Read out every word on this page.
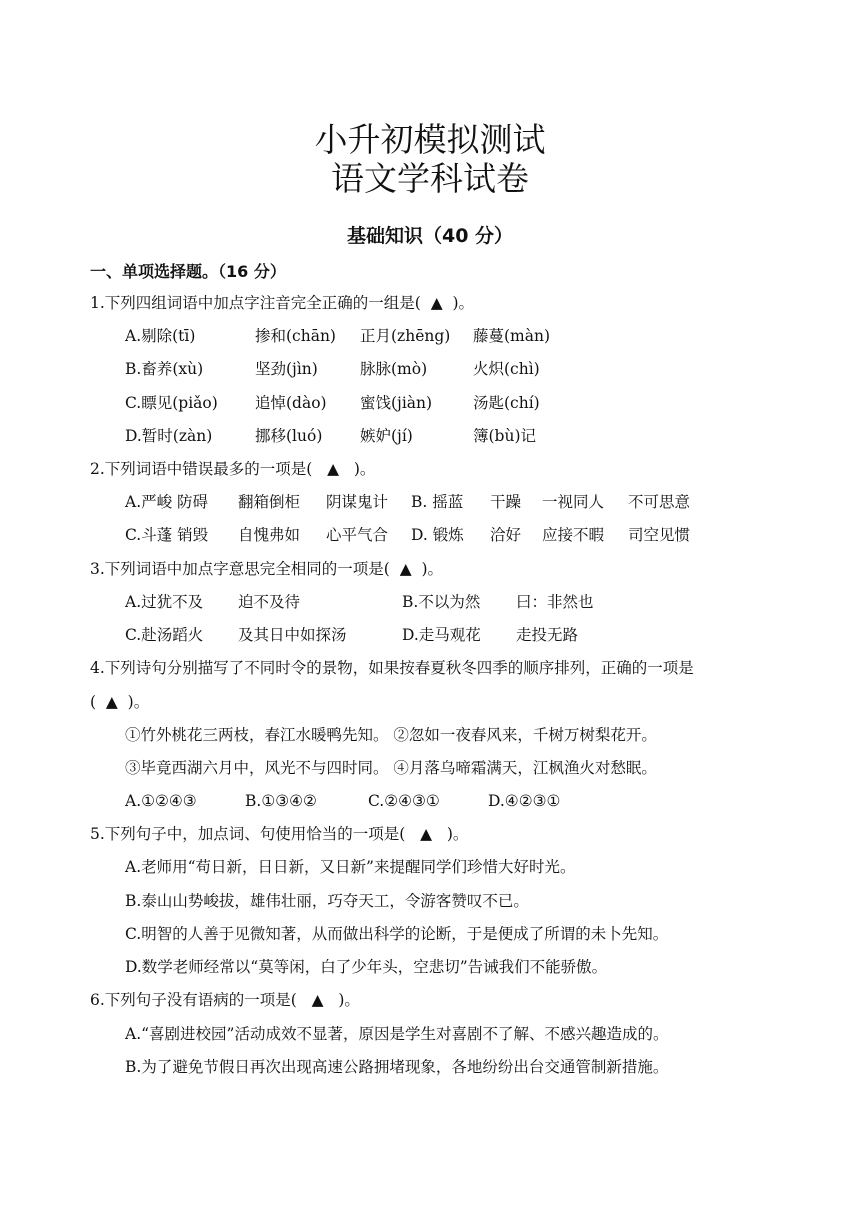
小升初模拟测试
语文学科试卷
基础知识（40 分）
一、单项选择题。（16 分）
1.下列四组词语中加点字注音完全正确的一组是(  ▲  )。
A.剔除(tī)	掺和(chān) 正月(zhēng) 藤蔓(màn)
B.畜养(xù)	坚劲(jìn)	脉脉(mò)	火炽(chì)
C.瞟见(piǎo) 追悼(dào) 蜜饯(jiàn)	汤匙(chí)
D.暂时(zàn)	挪移(luó) 嫉妒(jí)	簿(bù)记
2.下列词语中错误最多的一项是(   ▲   )。
A.严峻 防碍 翻箱倒柜 阴谋鬼计 B. 摇蓝 干躁 一视同人 不可思意
C.斗蓬 销毁 自愧弗如 心平气合 D. 锻炼 洽好 应接不暇 司空见惯
3.下列词语中加点字意思完全相同的一项是(  ▲  )。
A.过犹不及 迫不及待	B.不以为然 曰：非然也
C.赴汤蹈火 及其日中如探汤	D.走马观花 走投无路
4.下列诗句分别描写了不同时令的景物，如果按春夏秋冬四季的顺序排列，正确的一项是
(  ▲  )。
①竹外桃花三两枝，春江水暖鸭先知。 ②忽如一夜春风来，千树万树梨花开。
③毕竟西湖六月中，风光不与四时同。 ④月落乌啼霜满天，江枫渔火对愁眠。
A.①②④③	B.①③④②	C.②④③①	D.④②③①
5.下列句子中，加点词、句使用恰当的一项是(   ▲   )。
A.老师用“苟日新，日日新，又日新”来提醒同学们珍惜大好时光。
B.泰山山势峻拔，雄伟壮丽，巧夺天工，令游客赞叹不已。
C.明智的人善于见微知著，从而做出科学的论断，于是便成了所谓的未卜先知。
D.数学老师经常以“莫等闲，白了少年头，空悲切”告诫我们不能骄傲。
6.下列句子没有语病的一项是(   ▲   )。
A.“喜剧进校园”活动成效不显著，原因是学生对喜剧不了解、不感兴趣造成的。
B.为了避免节假日再次出现高速公路拥堵现象，各地纷纷出台交通管制新措施。
